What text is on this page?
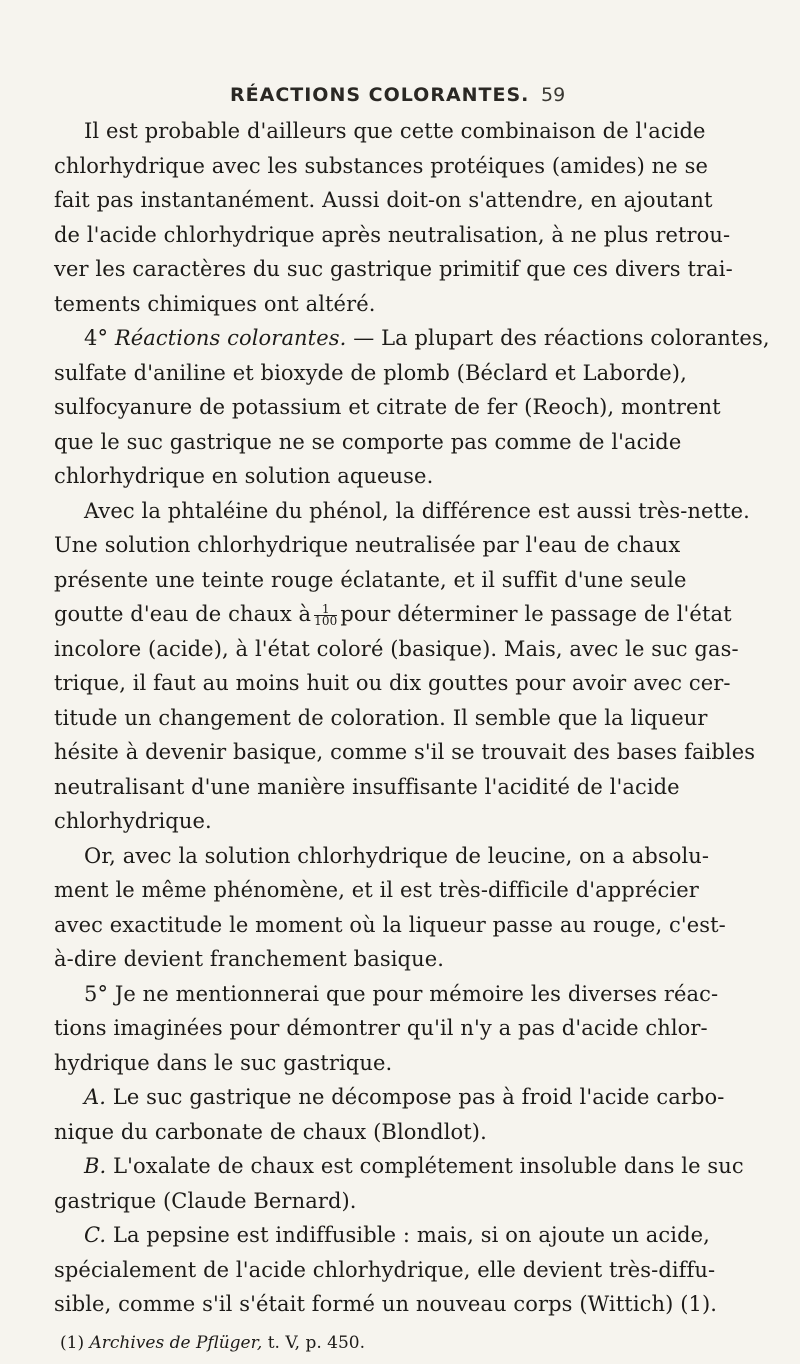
RÉACTIONS COLORANTES. 59
Il est probable d'ailleurs que cette combinaison de l'acide
chlorhydrique avec les substances protéiques (amides) ne se
fait pas instantanément. Aussi doit-on s'attendre, en ajoutant
de l'acide chlorhydrique après neutralisation, à ne plus retrou-
ver les caractères du suc gastrique primitif que ces divers trai-
tements chimiques ont altéré.
4° Réactions colorantes. — La plupart des réactions colorantes,
sulfate d'aniline et bioxyde de plomb (Béclard et Laborde),
sulfocyanure de potassium et citrate de fer (Reoch), montrent
que le suc gastrique ne se comporte pas comme de l'acide
chlorhydrique en solution aqueuse.
Avec la phtaléine du phénol, la différence est aussi très-nette.
Une solution chlorhydrique neutralisée par l'eau de chaux
présente une teinte rouge éclatante, et il suffit d'une seule
goutte d'eau de chaux à $\frac{1}{100}$ pour déterminer le passage de l'état
incolore (acide), à l'état coloré (basique). Mais, avec le suc gas-
trique, il faut au moins huit ou dix gouttes pour avoir avec cer-
titude un changement de coloration. Il semble que la liqueur
hésite à devenir basique, comme s'il se trouvait des bases faibles
neutralisant d'une manière insuffisante l'acidité de l'acide
chlorhydrique.
Or, avec la solution chlorhydrique de leucine, on a absolu-
ment le même phénomène, et il est très-difficile d'apprécier
avec exactitude le moment où la liqueur passe au rouge, c'est-
à-dire devient franchement basique.
5° Je ne mentionnerai que pour mémoire les diverses réac-
tions imaginées pour démontrer qu'il n'y a pas d'acide chlor-
hydrique dans le suc gastrique.
A. Le suc gastrique ne décompose pas à froid l'acide carbo-
nique du carbonate de chaux (Blondlot).
B. L'oxalate de chaux est complétement insoluble dans le suc
gastrique (Claude Bernard).
C. La pepsine est indiffusible : mais, si on ajoute un acide,
spécialement de l'acide chlorhydrique, elle devient très-diffu-
sible, comme s'il s'était formé un nouveau corps (Wittich) (1).
(1) Archives de Pflüger, t. V, p. 450.
